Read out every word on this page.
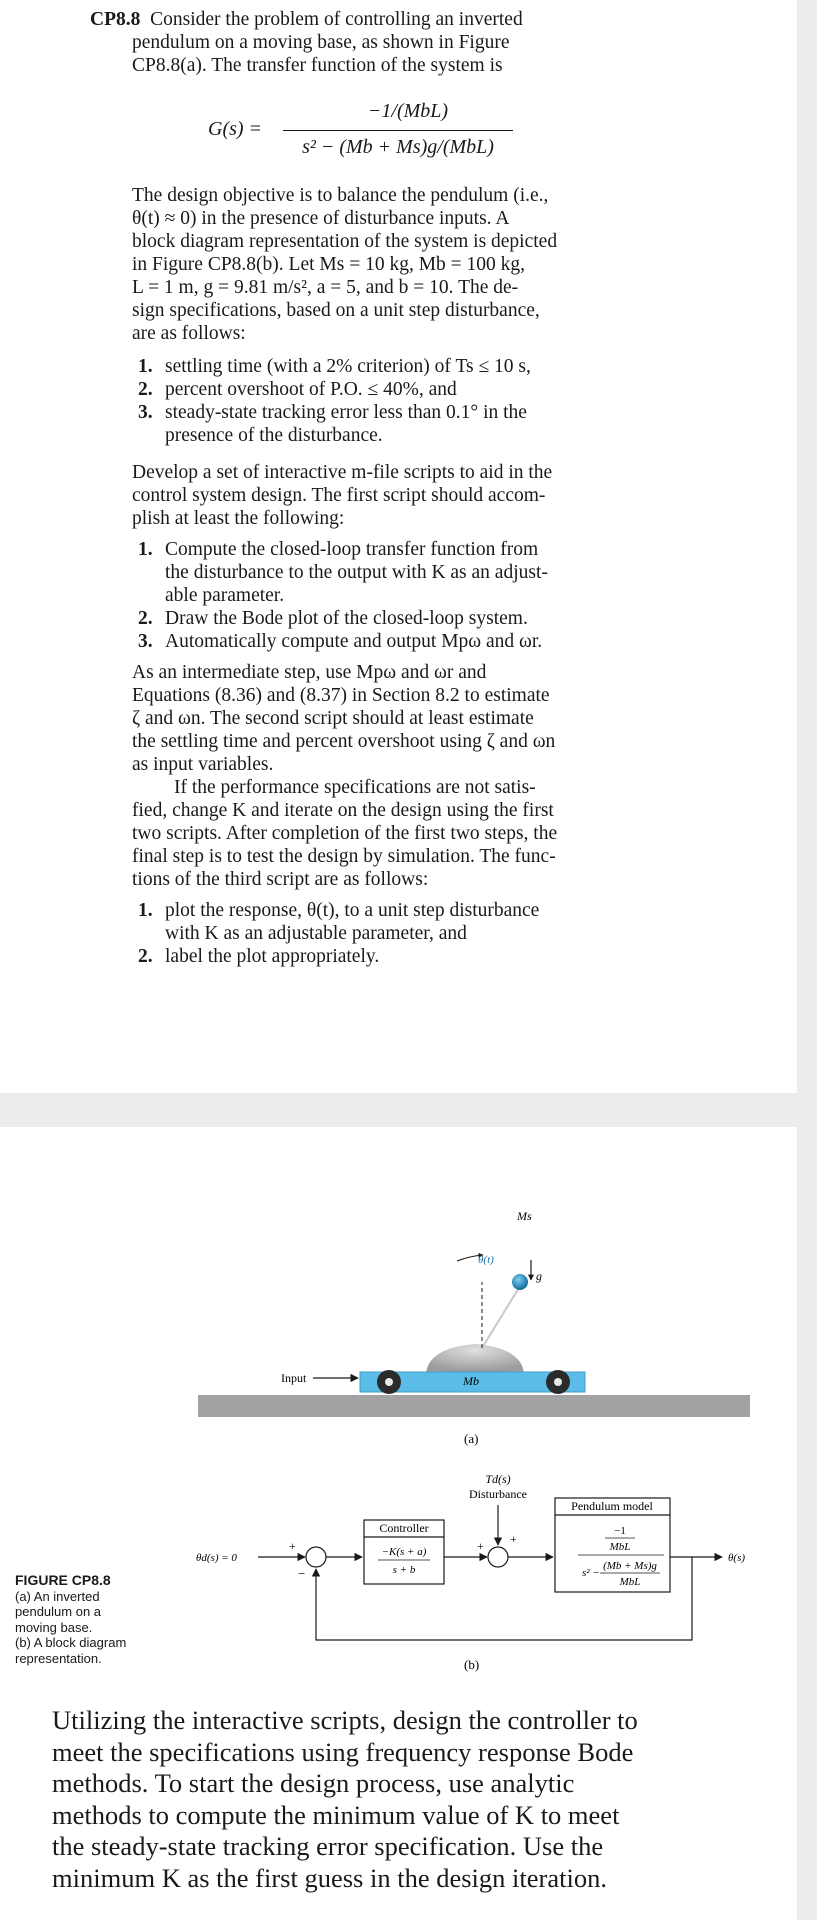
CP8.8 Consider the problem of controlling an inverted
pendulum on a moving base, as shown in Figure
CP8.8(a). The transfer function of the system is
G(s) =
−1/(MbL)
s² − (Mb + Ms)g/(MbL)
The design objective is to balance the pendulum (i.e.,
θ(t) ≈ 0) in the presence of disturbance inputs. A
block diagram representation of the system is depicted
in Figure CP8.8(b). Let Ms = 10 kg, Mb = 100 kg,
L = 1 m, g = 9.81 m/s², a = 5, and b = 10. The de-
sign specifications, based on a unit step disturbance,
are as follows:
1. settling time (with a 2% criterion) of Ts ≤ 10 s,
2. percent overshoot of P.O. ≤ 40%, and
3. steady-state tracking error less than 0.1° in the
presence of the disturbance.
Develop a set of interactive m-file scripts to aid in the
control system design. The first script should accom-
plish at least the following:
1. Compute the closed-loop transfer function from
the disturbance to the output with K as an adjust-
able parameter.
2. Draw the Bode plot of the closed-loop system.
3. Automatically compute and output Mpω and ωr.
As an intermediate step, use Mpω and ωr and
Equations (8.36) and (8.37) in Section 8.2 to estimate
ζ and ωn. The second script should at least estimate
the settling time and percent overshoot using ζ and ωn
as input variables.
If the performance specifications are not satis-
fied, change K and iterate on the design using the first
two scripts. After completion of the first two steps, the
final step is to test the design by simulation. The func-
tions of the third script are as follows:
1. plot the response, θ(t), to a unit step disturbance
with K as an adjustable parameter, and
2. label the plot appropriately.
Input	Mb
Ms
θ(t)
g
(a)
θd(s) = 0
+
−
Controller
−K(s + a)
s + b
+ +
Td(s)
Disturbance
Pendulum model
−1
MbL
s² −
(Mb + Ms)g
MbL
θ(s)
(b)
FIGURE CP8.8
(a) An inverted
pendulum on a
moving base.
(b) A block diagram
representation.
Utilizing the interactive scripts, design the controller to
meet the specifications using frequency response Bode
methods. To start the design process, use analytic
methods to compute the minimum value of K to meet
the steady-state tracking error specification. Use the
minimum K as the first guess in the design iteration.
